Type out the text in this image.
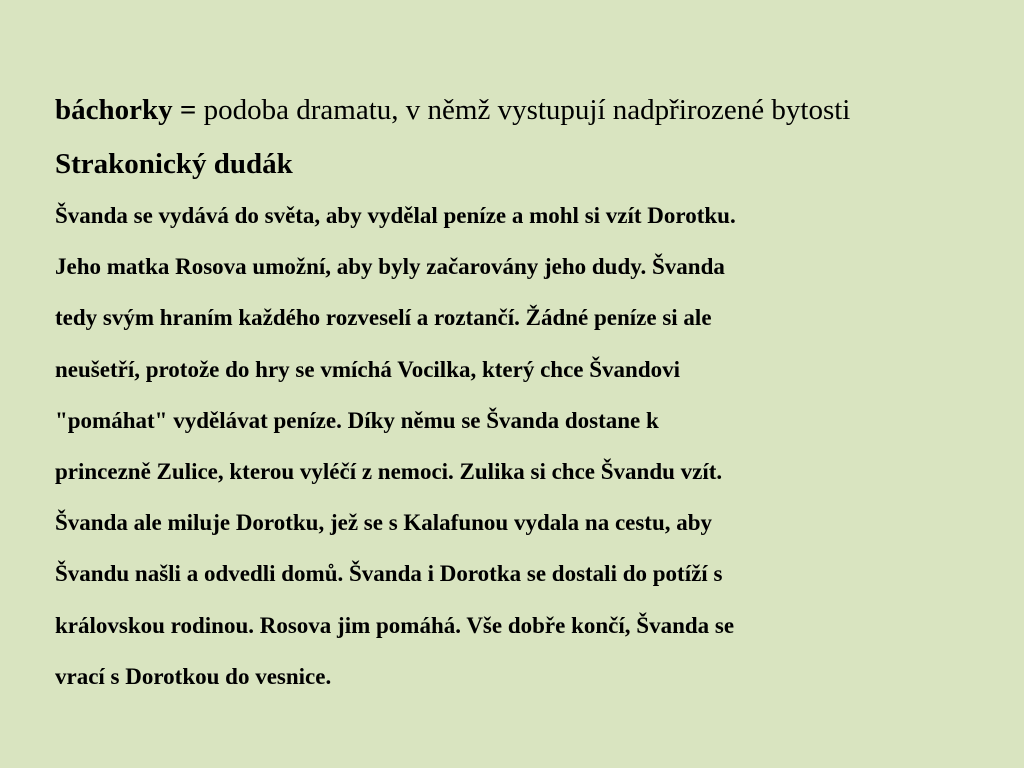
báchorky = podoba dramatu, v němž vystupují nadpřirozené bytosti

Strakonický dudák
Švanda se vydává do světa, aby vydělal peníze a mohl si vzít Dorotku.
Jeho matka Rosova umožní, aby byly začarovány jeho dudy. Švanda
tedy svým hraním každého rozveselí a roztančí. Žádné peníze si ale
neušetří, protože do hry se vmíchá Vocilka, který chce Švandovi
"pomáhat" vydělávat peníze. Díky němu se Švanda dostane k
princezně Zulice, kterou vyléčí z nemoci. Zulika si chce Švandu vzít.
Švanda ale miluje Dorotku, jež se s Kalafunou vydala na cestu, aby
Švandu našli a odvedli domů. Švanda i Dorotka se dostali do potíží s
královskou rodinou. Rosova jim pomáhá. Vše dobře končí, Švanda se
vrací s Dorotkou do vesnice.
